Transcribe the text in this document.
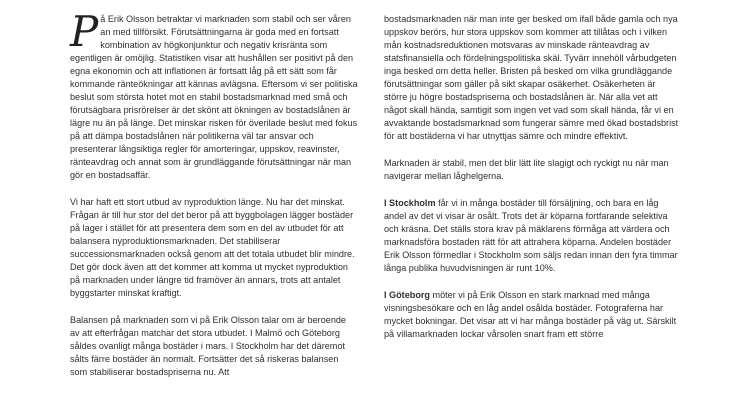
På Erik Olsson betraktar vi marknaden som stabil och ser våren an med tillförsikt. Förutsättningarna är goda med en fortsatt kombination av högkonjunktur och negativ krisränta som egentligen är omöjlig. Statistiken visar att hushållen ser positivt på den egna ekonomin och att inflationen är fortsatt låg på ett sätt som får kommande ränteökningar att kännas avlägsna. Eftersom vi ser politiska beslut som största hotet mot en stabil bostadsmarknad med små och förutsägbara prisrörelser är det skönt att ökningen av bostadslånen är lägre nu än på länge. Det minskar risken för överilade beslut med fokus på att dämpa bostadslånen när politikerna väl tar ansvar och presenterar långsiktiga regler för amorteringar, uppskov, reavinster, ränteavdrag och annat som är grundläggande förutsättningar när man gör en bostadsaffär.

Vi har haft ett stort utbud av nyproduktion länge. Nu har det minskat. Frågan är till hur stor del det beror på att byggbolagen lägger bostäder på lager i stället för att presentera dem som en del av utbudet för att balansera nyproduktionsmarknaden. Det stabiliserar successionsmarknaden också genom att det totala utbudet blir mindre. Det gör dock även att det kommer att komma ut mycket nyproduktion på marknaden under längre tid framöver än annars, trots att antalet byggstarter minskat kraftigt.

Balansen på marknaden som vi på Erik Olsson talar om är beroende av att efterfrågan matchar det stora utbudet. I Malmö och Göteborg såldes ovanligt många bostäder i mars. I Stockholm har det däremot sålts färre bostäder än normalt. Fortsätter det så riskeras balansen som stabiliserar bostadspriserna nu. Att

bostadsmarknaden när man inte ger besked om ifall både gamla och nya uppskov berörs, hur stora uppskov som kommer att tillåtas och i vilken mån kostnadsreduktionen motsvaras av minskade ränteavdrag av statsfinansiella och fördelningspolitiska skäl. Tyvärr innehöll vårbudgeten inga besked om detta heller. Bristen på besked om vilka grundläggande förutsättningar som gäller på sikt skapar osäkerhet. Osäkerheten är större ju högre bostadspriserna och bostadslånen är. När alla vet att något skall hända, samtigit som ingen vet vad som skall hända, får vi en avvaktande bostadsmarknad som fungerar sämre med ökad bostadsbrist för att bostäderna vi har utnyttjas sämre och mindre effektivt.

Marknaden är stabil, men det blir lätt lite slagigt och ryckigt nu när man navigerar mellan låghelgerna.

I Stockholm får vi in många bostäder till försäljning, och bara en låg andel av det vi visar är osålt. Trots det är köparna fortfarande selektiva och kräsna. Det ställs stora krav på mäklarens förmåga att värdera och marknadsföra bostaden rätt för att attrahera köparna. Andelen bostäder Erik Olsson förmedlar i Stockholm som säljs redan innan den fyra timmar långa publika huvudvisningen är runt 10%.

I Göteborg möter vi på Erik Olsson en stark marknad med många visningsbesökare och en låg andel osålda bostäder. Fotograferna har mycket bokningar. Det visar att vi har många bostäder på väg ut. Särskilt på villamarknaden lockar vårsolen snart fram ett större
